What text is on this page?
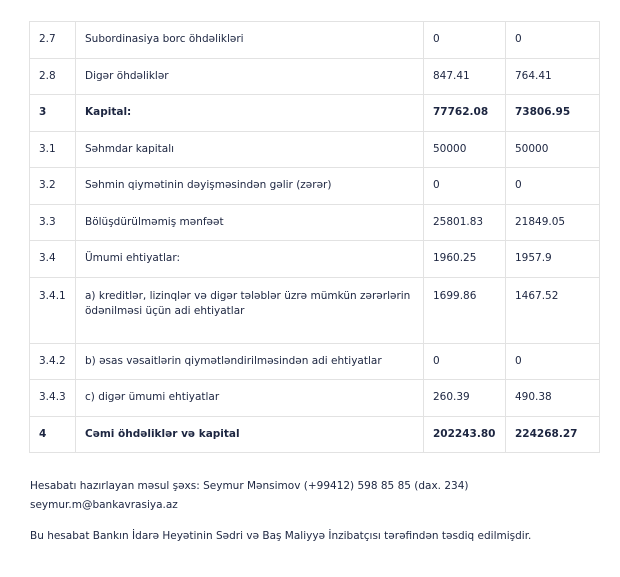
2.7	Subordinasiya borc öhdəlikləri	0	0
2.8	Digər öhdəliklər	847.41	764.41
3	Kapital:	77762.08	73806.95
3.1	Səhmdar kapitalı	50000	50000
3.2	Səhmin qiymətinin dəyişməsindən gəlir (zərər)	0	0
3.3	Bölüşdürülməmiş mənfəət	25801.83	21849.05
3.4	Ümumi ehtiyatlar:	1960.25	1957.9
3.4.1	a) kreditlər, lizinqlər və digər tələblər üzrə mümkün zərərlərin ödənilməsi üçün adi ehtiyatlar	1699.86	1467.52
3.4.2	b) əsas vəsaitlərin qiymətləndirilməsindən adi ehtiyatlar	0	0
3.4.3	c) digər ümumi ehtiyatlar	260.39	490.38
4	Cəmi öhdəliklər və kapital	202243.80	224268.27

Hesabatı hazırlayan məsul şəxs: Seymur Mənsimov (+99412) 598 85 85 (dax. 234)

seymur.m@bankavrasiya.az

Bu hesabat Bankın İdarə Heyətinin Sədri və Baş Maliyyə İnzibatçısı tərəfindən təsdiq edilmişdir.
